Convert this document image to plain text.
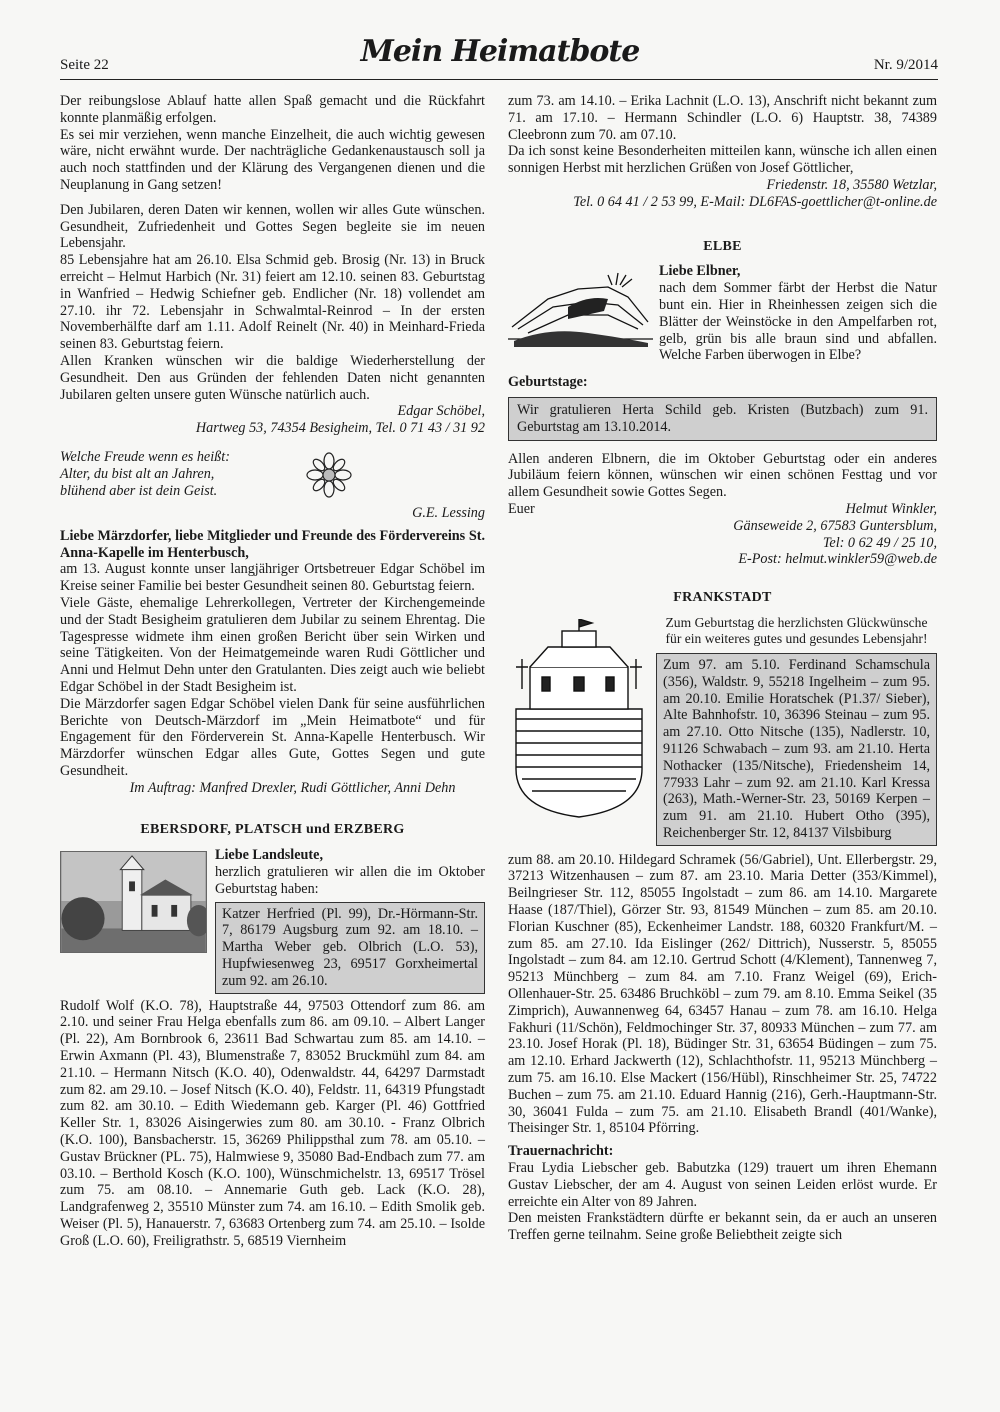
Seite 22	Mein Heimatbote	Nr. 9/2014

Der reibungslose Ablauf hatte allen Spaß gemacht und die Rückfahrt konnte planmäßig erfolgen.

Es sei mir verziehen, wenn manche Einzelheit, die auch wichtig gewesen wäre, nicht erwähnt wurde. Der nachträgliche Gedankenaustausch soll ja auch noch stattfinden und der Klärung des Vergangenen dienen und die Neuplanung in Gang setzen!

Den Jubilaren, deren Daten wir kennen, wollen wir alles Gute wünschen. Gesundheit, Zufriedenheit und Gottes Segen begleite sie im neuen Lebensjahr.

85 Lebensjahre hat am 26.10. Elsa Schmid geb. Brosig (Nr. 13) in Bruck erreicht – Helmut Harbich (Nr. 31) feiert am 12.10. seinen 83. Geburtstag in Wanfried – Hedwig Schiefner geb. Endlicher (Nr. 18) vollendet am 27.10. ihr 72. Lebensjahr in Schwalmtal-Reinrod – In der ersten Novemberhälfte darf am 1.11. Adolf Reinelt (Nr. 40) in Meinhard-Frieda seinen 83. Geburtstag feiern.

Allen Kranken wünschen wir die baldige Wiederherstellung der Gesundheit. Den aus Gründen der fehlenden Daten nicht genannten Jubilaren gelten unsere guten Wünsche natürlich auch.

Edgar Schöbel,

Hartweg 53, 74354 Besigheim, Tel. 0 71 43 / 31 92

Welche Freude wenn es heißt:

Alter, du bist alt an Jahren,

blühend aber ist dein Geist.

G.E. Lessing

Liebe Märzdorfer, liebe Mitglieder und Freunde des Fördervereins St. Anna-Kapelle im Henterbusch,

am 13. August konnte unser langjähriger Ortsbetreuer Edgar Schöbel im Kreise seiner Familie bei bester Gesundheit seinen 80. Geburtstag feiern.

Viele Gäste, ehemalige Lehrerkollegen, Vertreter der Kirchengemeinde und der Stadt Besigheim gratulieren dem Jubilar zu seinem Ehrentag. Die Tagespresse widmete ihm einen großen Bericht über sein Wirken und seine Tätigkeiten. Von der Heimatgemeinde waren Rudi Göttlicher und Anni und Helmut Dehn unter den Gratulanten. Dies zeigt auch wie beliebt Edgar Schöbel in der Stadt Besigheim ist.

Die Märzdorfer sagen Edgar Schöbel vielen Dank für seine ausführlichen Berichte von Deutsch-Märzdorf im „Mein Heimatbote“ und für Engagement für den Förderverein St. Anna-Kapelle Henterbusch. Wir Märzdorfer wünschen Edgar alles Gute, Gottes Segen und gute Gesundheit.

Im Auftrag: Manfred Drexler, Rudi Göttlicher, Anni Dehn

EBERSDORF, PLATSCH und ERZBERG

Liebe Landsleute,

herzlich gratulieren wir allen die im Oktober Geburtstag haben:

Katzer Herfried (Pl. 99), Dr.-Hörmann-Str. 7, 86179 Augsburg zum 92. am 18.10. – Martha Weber geb. Olbrich (L.O. 53), Hupfwiesenweg 23, 69517 Gorxheimertal zum 92. am 26.10.

Rudolf Wolf (K.O. 78), Hauptstraße 44, 97503 Ottendorf zum 86. am 2.10. und seiner Frau Helga ebenfalls zum 86. am 09.10. – Albert Langer (Pl. 22), Am Bornbrook 6, 23611 Bad Schwartau zum 85. am 14.10. – Erwin Axmann (Pl. 43), Blumenstraße 7, 83052 Bruckmühl zum 84. am 21.10. – Hermann Nitsch (K.O. 40), Odenwaldstr. 44, 64297 Darmstadt zum 82. am 29.10. – Josef Nitsch (K.O. 40), Feldstr. 11, 64319 Pfungstadt zum 82. am 30.10. – Edith Wiedemann geb. Karger (Pl. 46) Gottfried Keller Str. 1, 83026 Aisingerwies zum 80. am 30.10. - Franz Olbrich (K.O. 100), Bansbacherstr. 15, 36269 Philippsthal zum 78. am 05.10. – Gustav Brückner (PL. 75), Halmwiese 9, 35080 Bad-Endbach zum 77. am 03.10. – Berthold Kosch (K.O. 100), Wünschmichelstr. 13, 69517 Trösel zum 75. am 08.10. – Annemarie Guth geb. Lack (K.O. 28), Landgrafenweg 2, 35510 Münster zum 74. am 16.10. – Edith Smolik geb. Weiser (Pl. 5), Hanauerstr. 7, 63683 Ortenberg zum 74. am 25.10. – Isolde Groß (L.O. 60), Freiligrathstr. 5, 68519 Viernheim

zum 73. am 14.10. – Erika Lachnit (L.O. 13), Anschrift nicht bekannt zum 71. am 17.10. – Hermann Schindler (L.O. 6) Hauptstr. 38, 74389 Cleebronn zum 70. am 07.10.

Da ich sonst keine Besonderheiten mitteilen kann, wünsche ich allen einen sonnigen Herbst mit herzlichen Grüßen von Josef Göttlicher,

Friedenstr. 18, 35580 Wetzlar,

Tel. 0 64 41 / 2 53 99, E-Mail: DL6FAS-goettlicher@t-online.de

ELBE

Liebe Elbner,

nach dem Sommer färbt der Herbst die Natur bunt ein. Hier in Rheinhessen zeigen sich die Blätter der Weinstöcke in den Ampelfarben rot, gelb, grün bis alle braun sind und abfallen. Welche Farben überwogen in Elbe?

Geburtstage:

Wir gratulieren Herta Schild geb. Kristen (Butzbach) zum 91. Geburtstag am 13.10.2014.

Allen anderen Elbnern, die im Oktober Geburtstag oder ein anderes Jubiläum feiern können, wünschen wir einen schönen Festtag und vor allem Gesundheit sowie Gottes Segen.

Euer	Helmut Winkler,

Gänseweide 2, 67583 Guntersblum,

Tel: 0 62 49 / 25 10,

E-Post: helmut.winkler59@web.de

FRANKSTADT

Zum Geburtstag die herzlichsten Glückwünsche für ein weiteres gutes und gesundes Lebensjahr!

Zum 97. am 5.10. Ferdinand Schamschula (356), Waldstr. 9, 55218 Ingelheim – zum 95. am 20.10. Emilie Horatschek (P1.37/ Sieber), Alte Bahnhofstr. 10, 36396 Steinau – zum 95. am 27.10. Otto Nitsche (135), Nadlerstr. 10, 91126 Schwabach – zum 93. am 21.10. Herta Nothacker (135/Nitsche), Friedensheim 14, 77933 Lahr – zum 92. am 21.10. Karl Kressa (263), Math.-Werner-Str. 23, 50169 Kerpen – zum 91. am 21.10. Hubert Otho (395), Reichenberger Str. 12, 84137 Vilsbiburg

zum 88. am 20.10. Hildegard Schramek (56/Gabriel), Unt. Ellerbergstr. 29, 37213 Witzenhausen – zum 87. am 23.10. Maria Detter (353/Kimmel), Beilngrieser Str. 112, 85055 Ingolstadt – zum 86. am 14.10. Margarete Haase (187/Thiel), Görzer Str. 93, 81549 München – zum 85. am 20.10. Florian Kuschner (85), Eckenheimer Landstr. 188, 60320 Frankfurt/M. – zum 85. am 27.10. Ida Eislinger (262/ Dittrich), Nusserstr. 5, 85055 Ingolstadt – zum 84. am 12.10. Gertrud Schott (4/Klement), Tannenweg 7, 95213 Münchberg – zum 84. am 7.10. Franz Weigel (69), Erich-Ollenhauer-Str. 25. 63486 Bruchköbl – zum 79. am 8.10. Emma Seikel (35 Zimprich), Auwannenweg 64, 63457 Hanau – zum 78. am 16.10. Helga Fakhuri (11/Schön), Feldmochinger Str. 37, 80933 München – zum 77. am 23.10. Josef Horak (Pl. 18), Büdinger Str. 31, 63654 Büdingen – zum 75. am 12.10. Erhard Jackwerth (12), Schlachthofstr. 11, 95213 Münchberg – zum 75. am 16.10. Else Mackert (156/Hübl), Rinschheimer Str. 25, 74722 Buchen – zum 75. am 21.10. Eduard Hannig (216), Gerh.-Hauptmann-Str. 30, 36041 Fulda – zum 75. am 21.10. Elisabeth Brandl (401/Wanke), Theisinger Str. 1, 85104 Pförring.

Trauernachricht:

Frau Lydia Liebscher geb. Babutzka (129) trauert um ihren Ehemann Gustav Liebscher, der am 4. August von seinen Leiden erlöst wurde. Er erreichte ein Alter von 89 Jahren.

Den meisten Frankstädtern dürfte er bekannt sein, da er auch an unseren Treffen gerne teilnahm. Seine große Beliebtheit zeigte sich
